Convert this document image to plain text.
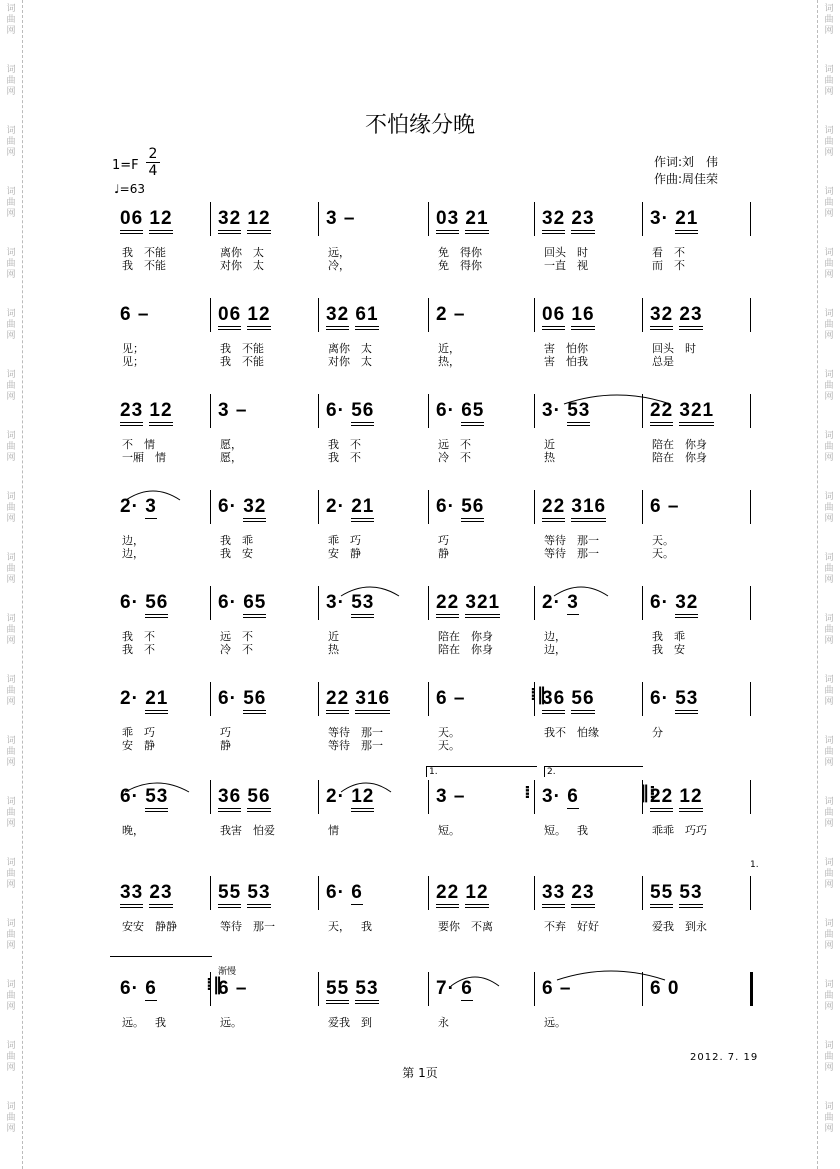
词
曲
网
词
曲
网
词
曲
网
词
曲
网
词
曲
网
词
曲
网
词
曲
网
词
曲
网
词
曲
网
词
曲
网
词
曲
网
词
曲
网
词
曲
网
词
曲
网
词
曲
网
词
曲
网
词
曲
网
词
曲
网
词
曲
网
词
曲
网
词
曲
网
词
曲
网
词
曲
网
词
曲
网
词
曲
网
词
曲
网
词
曲
网
词
曲
网
词
曲
网
词
曲
网
词
曲
网
词
曲
网
词
曲
网
词
曲
网
词
曲
网
词
曲
网
词
曲
网
词
曲
网
不怕缘分晚
1=F
2
4
♩=63
作词:刘　伟
作曲:周佳荣
06 12
我 不能
我 不能
32 12
离你 太
对你 太
3 –
远，
冷，
03 21
免 得你
免 得你
32 23
回头 时
一直 视
3· 21
看 不
而 不
6 –
见；
见；
06 12
我 不能
我 不能
32 61
离你 太
对你 太
2 –
近，
热，
06 16
害 怕你
害 怕我
32 23
回头 时
总是
23 12
不 情
一厢 情
3 –
愿，
愿，
6· 56
我 不
我 不
6· 65
远 不
冷 不
3· 53
近
热
22 321
陪在 你身
陪在 你身
2· 3
边，
边，
6· 32
我 乖
我 安
2· 21
乖 巧
安 静
6· 56
巧
静
22 316
等待 那一
等待 那一
6 –
天。
天。
6· 56
我 不
我 不
6· 65
远 不
冷 不
3· 53
近
热
22 321
陪在 你身
陪在 你身
2· 3
边，
边，
6· 32
我 乖
我 安
2· 21
乖 巧
安 静
6· 56
巧
静
22 316
等待 那一
等待 那一
6 –
天。
天。
36 56
我不 怕缘
6· 53
分
6· 53
晚，
36 56
我害 怕爱
2· 12
情
3 –
短。
3· 6
短。 我
22 12
乖乖 巧巧
33 23
安安 静静
55 53
等待 那一
6· 6
天， 我
22 12
要你 不离
33 23
不弃 好好
55 53
爱我 到永
6· 6
远。 我
6 –
远。
55 53
爱我 到
7· 6
永
6 –
远。
6 0
1.
2012. 7. 19
第 1页
⁞‖
⁞	‖⁞
⁞‖
1.	2.
渐慢
